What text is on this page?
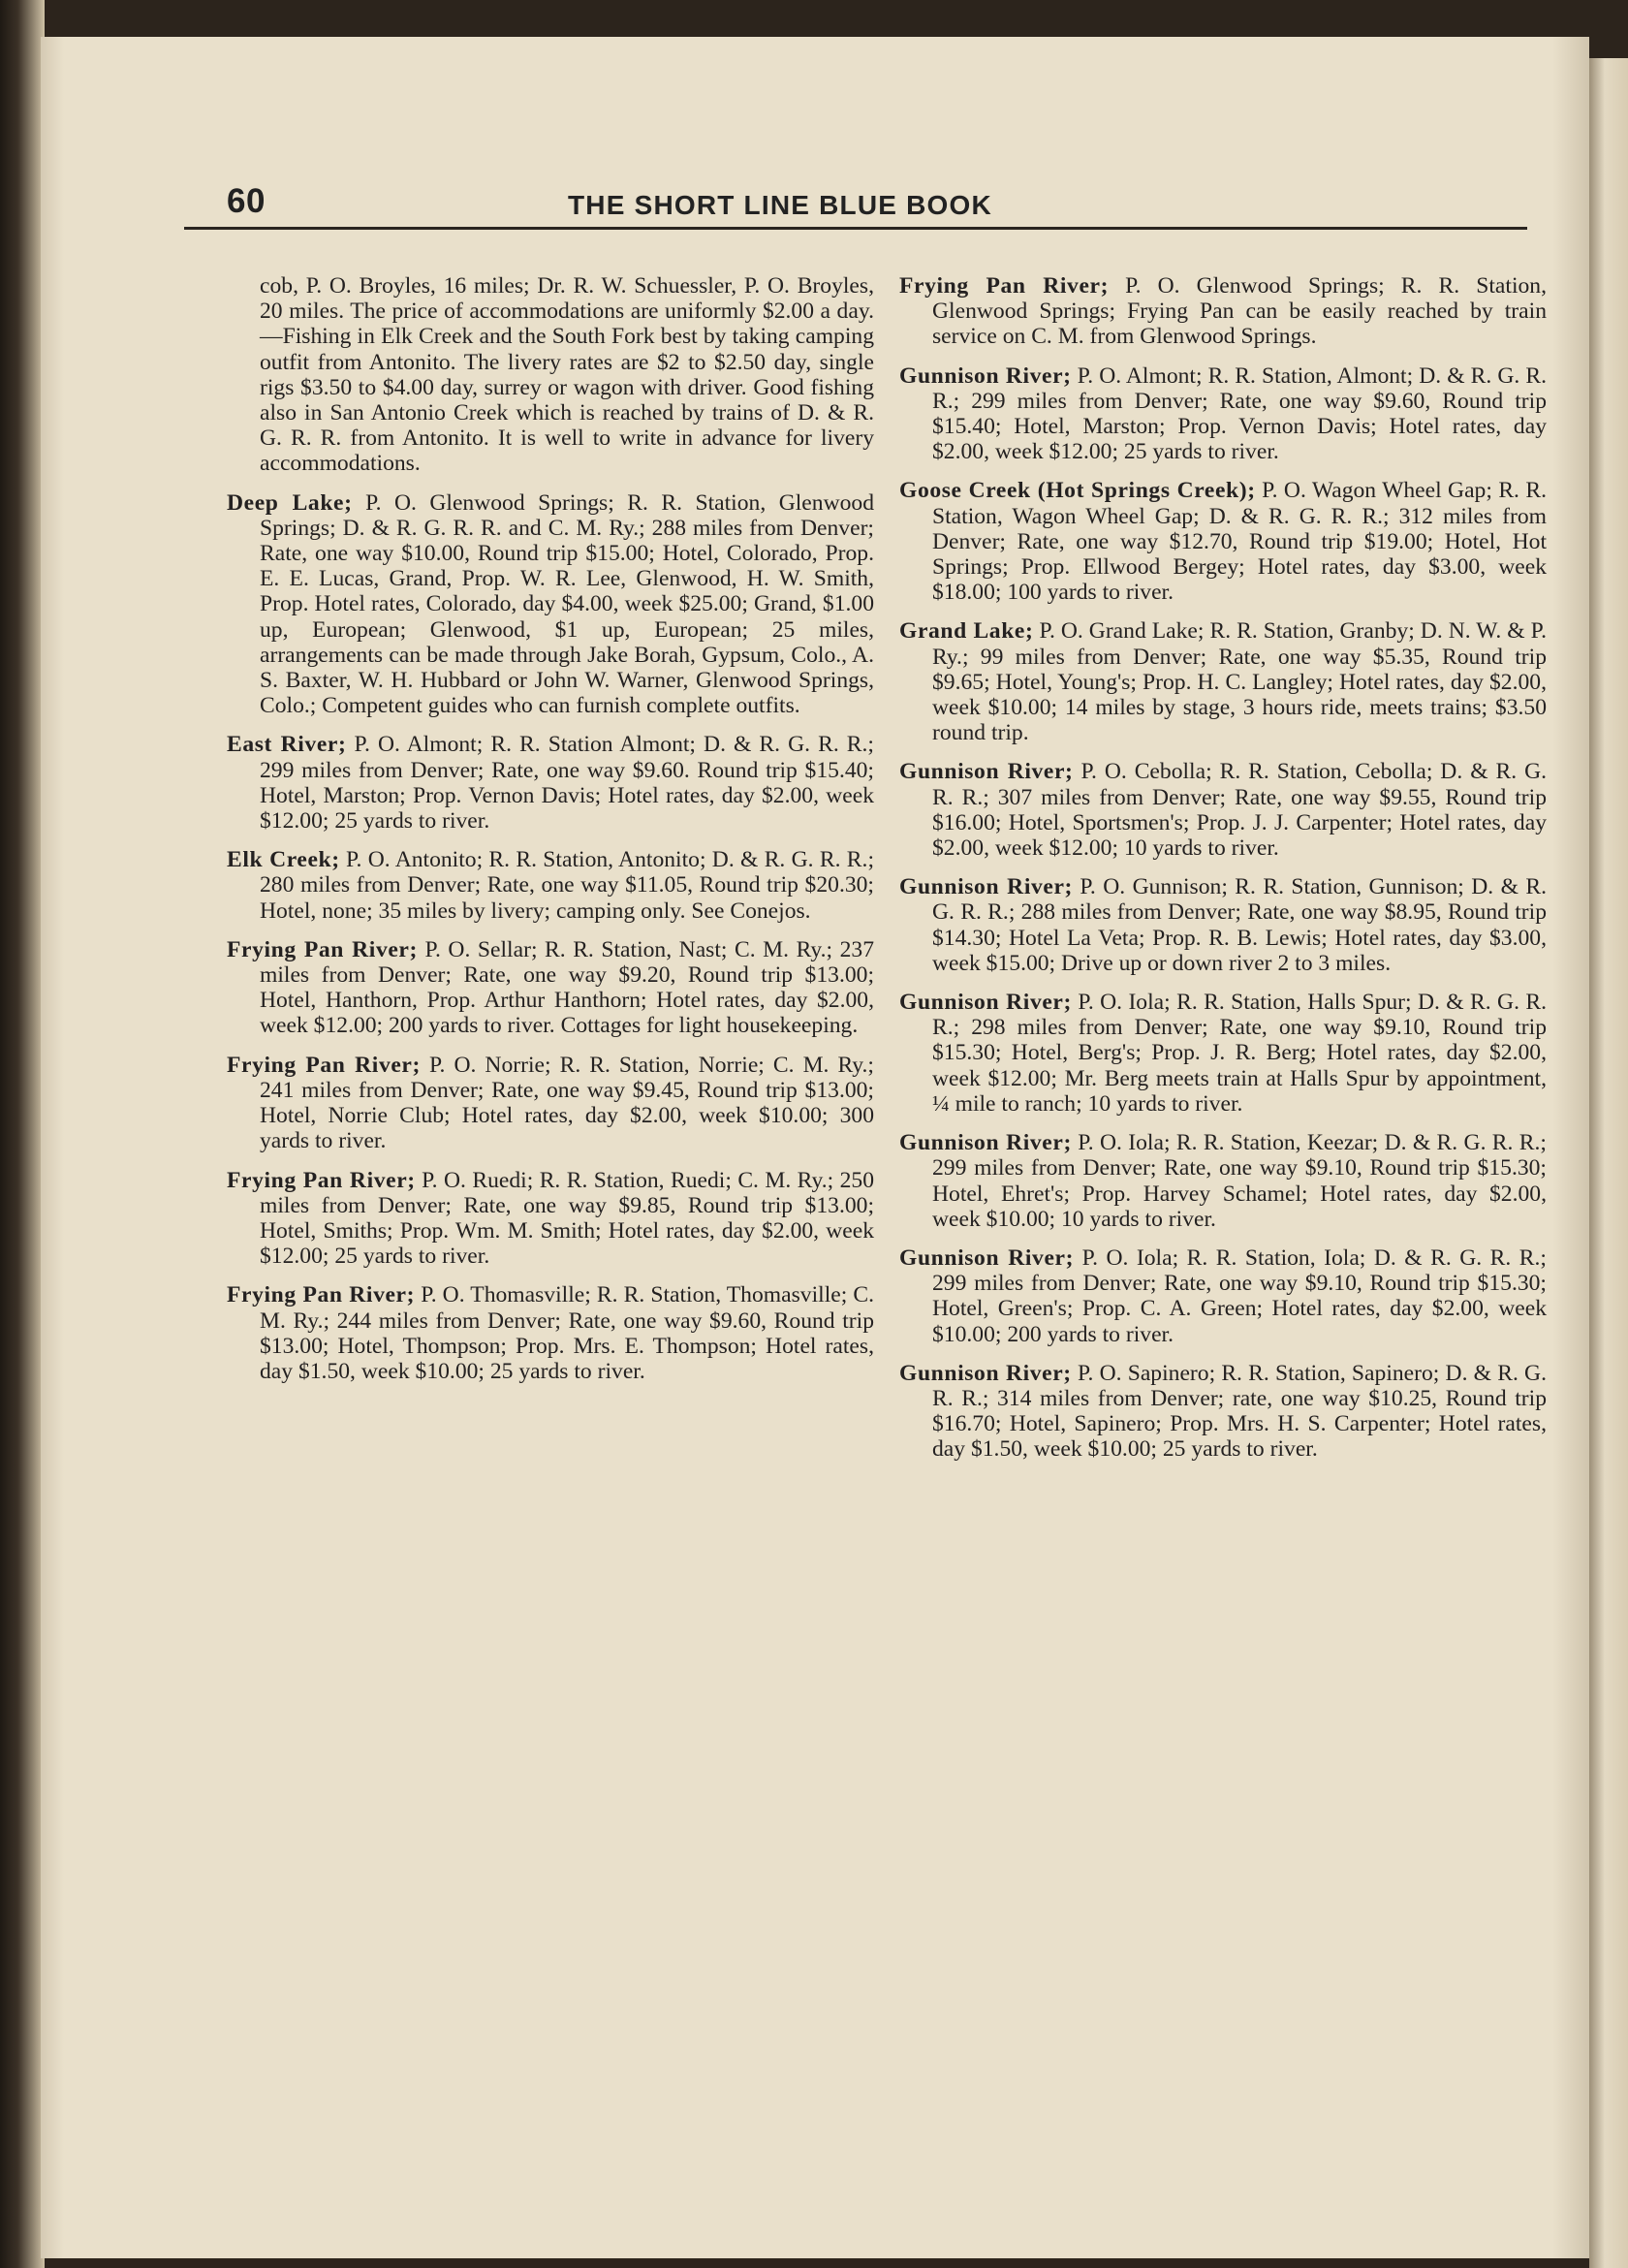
60	THE SHORT LINE BLUE BOOK

cob, P. O. Broyles, 16 miles; Dr. R. W. Schuessler, P. O. Broyles, 20 miles. The price of accommodations are uniformly $2.00 a day.—Fishing in Elk Creek and the South Fork best by taking camping outfit from Antonito. The livery rates are $2 to $2.50 day, single rigs $3.50 to $4.00 day, surrey or wagon with driver. Good fishing also in San Antonio Creek which is reached by trains of D. & R. G. R. R. from Antonito. It is well to write in advance for livery accommodations.

Deep Lake; P. O. Glenwood Springs; R. R. Station, Glenwood Springs; D. & R. G. R. R. and C. M. Ry.; 288 miles from Denver; Rate, one way $10.00, Round trip $15.00; Hotel, Colorado, Prop. E. E. Lucas, Grand, Prop. W. R. Lee, Glenwood, H. W. Smith, Prop. Hotel rates, Colorado, day $4.00, week $25.00; Grand, $1.00 up, European; Glenwood, $1 up, European; 25 miles, arrangements can be made through Jake Borah, Gypsum, Colo., A. S. Baxter, W. H. Hubbard or John W. Warner, Glenwood Springs, Colo.; Competent guides who can furnish complete outfits.

East River; P. O. Almont; R. R. Station Almont; D. & R. G. R. R.; 299 miles from Denver; Rate, one way $9.60. Round trip $15.40; Hotel, Marston; Prop. Vernon Davis; Hotel rates, day $2.00, week $12.00; 25 yards to river.

Elk Creek; P. O. Antonito; R. R. Station, Antonito; D. & R. G. R. R.; 280 miles from Denver; Rate, one way $11.05, Round trip $20.30; Hotel, none; 35 miles by livery; camping only. See Conejos.

Frying Pan River; P. O. Sellar; R. R. Station, Nast; C. M. Ry.; 237 miles from Denver; Rate, one way $9.20, Round trip $13.00; Hotel, Hanthorn, Prop. Arthur Hanthorn; Hotel rates, day $2.00, week $12.00; 200 yards to river. Cottages for light housekeeping.

Frying Pan River; P. O. Norrie; R. R. Station, Norrie; C. M. Ry.; 241 miles from Denver; Rate, one way $9.45, Round trip $13.00; Hotel, Norrie Club; Hotel rates, day $2.00, week $10.00; 300 yards to river.

Frying Pan River; P. O. Ruedi; R. R. Station, Ruedi; C. M. Ry.; 250 miles from Denver; Rate, one way $9.85, Round trip $13.00; Hotel, Smiths; Prop. Wm. M. Smith; Hotel rates, day $2.00, week $12.00; 25 yards to river.

Frying Pan River; P. O. Thomasville; R. R. Station, Thomasville; C. M. Ry.; 244 miles from Denver; Rate, one way $9.60, Round trip $13.00; Hotel, Thompson; Prop. Mrs. E. Thompson; Hotel rates, day $1.50, week $10.00; 25 yards to river.

Frying Pan River; P. O. Glenwood Springs; R. R. Station, Glenwood Springs; Frying Pan can be easily reached by train service on C. M. from Glenwood Springs.

Gunnison River; P. O. Almont; R. R. Station, Almont; D. & R. G. R. R.; 299 miles from Denver; Rate, one way $9.60, Round trip $15.40; Hotel, Marston; Prop. Vernon Davis; Hotel rates, day $2.00, week $12.00; 25 yards to river.

Goose Creek (Hot Springs Creek); P. O. Wagon Wheel Gap; R. R. Station, Wagon Wheel Gap; D. & R. G. R. R.; 312 miles from Denver; Rate, one way $12.70, Round trip $19.00; Hotel, Hot Springs; Prop. Ellwood Bergey; Hotel rates, day $3.00, week $18.00; 100 yards to river.

Grand Lake; P. O. Grand Lake; R. R. Station, Granby; D. N. W. & P. Ry.; 99 miles from Denver; Rate, one way $5.35, Round trip $9.65; Hotel, Young's; Prop. H. C. Langley; Hotel rates, day $2.00, week $10.00; 14 miles by stage, 3 hours ride, meets trains; $3.50 round trip.

Gunnison River; P. O. Cebolla; R. R. Station, Cebolla; D. & R. G. R. R.; 307 miles from Denver; Rate, one way $9.55, Round trip $16.00; Hotel, Sportsmen's; Prop. J. J. Carpenter; Hotel rates, day $2.00, week $12.00; 10 yards to river.

Gunnison River; P. O. Gunnison; R. R. Station, Gunnison; D. & R. G. R. R.; 288 miles from Denver; Rate, one way $8.95, Round trip $14.30; Hotel La Veta; Prop. R. B. Lewis; Hotel rates, day $3.00, week $15.00; Drive up or down river 2 to 3 miles.

Gunnison River; P. O. Iola; R. R. Station, Halls Spur; D. & R. G. R. R.; 298 miles from Denver; Rate, one way $9.10, Round trip $15.30; Hotel, Berg's; Prop. J. R. Berg; Hotel rates, day $2.00, week $12.00; Mr. Berg meets train at Halls Spur by appointment, ¼ mile to ranch; 10 yards to river.

Gunnison River; P. O. Iola; R. R. Station, Keezar; D. & R. G. R. R.; 299 miles from Denver; Rate, one way $9.10, Round trip $15.30; Hotel, Ehret's; Prop. Harvey Schamel; Hotel rates, day $2.00, week $10.00; 10 yards to river.

Gunnison River; P. O. Iola; R. R. Station, Iola; D. & R. G. R. R.; 299 miles from Denver; Rate, one way $9.10, Round trip $15.30; Hotel, Green's; Prop. C. A. Green; Hotel rates, day $2.00, week $10.00; 200 yards to river.

Gunnison River; P. O. Sapinero; R. R. Station, Sapinero; D. & R. G. R. R.; 314 miles from Denver; rate, one way $10.25, Round trip $16.70; Hotel, Sapinero; Prop. Mrs. H. S. Carpenter; Hotel rates, day $1.50, week $10.00; 25 yards to river.
